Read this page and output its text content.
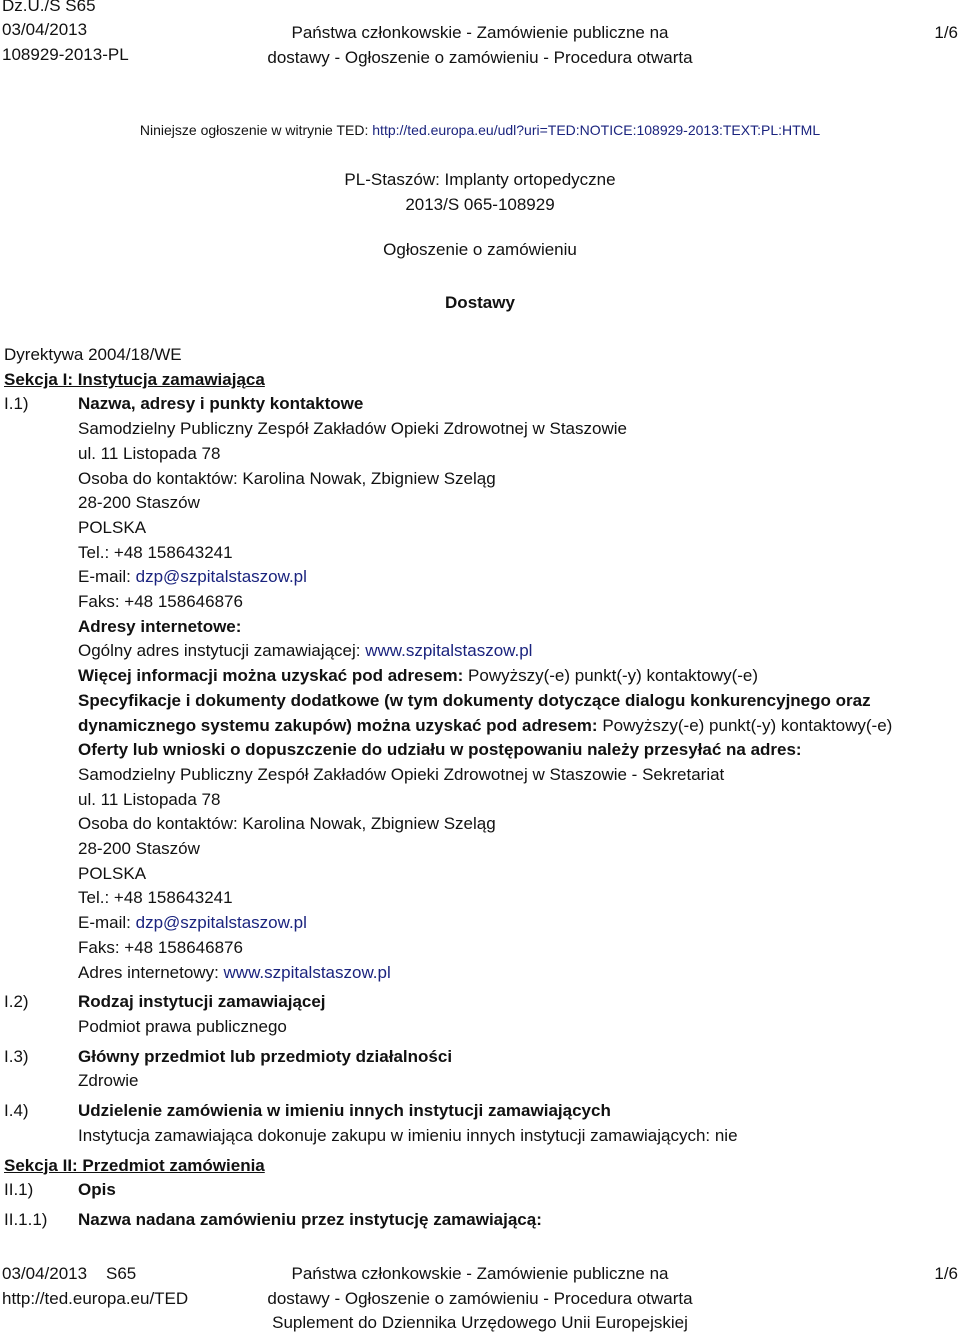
Dz.U./S S65
03/04/2013
108929-2013-PL
Państwa członkowskie - Zamówienie publiczne na
dostawy - Ogłoszenie o zamówieniu - Procedura otwarta
1/6
Niniejsze ogłoszenie w witrynie TED: http://ted.europa.eu/udl?uri=TED:NOTICE:108929-2013:TEXT:PL:HTML
PL-Staszów: Implanty ortopedyczne
2013/S 065-108929
Ogłoszenie o zamówieniu
Dostawy
Dyrektywa 2004/18/WE
Sekcja I: Instytucja zamawiająca
I.1)	Nazwa, adresy i punkty kontaktowe
Samodzielny Publiczny Zespół Zakładów Opieki Zdrowotnej w Staszowie
ul. 11 Listopada 78
Osoba do kontaktów: Karolina Nowak, Zbigniew Szeląg
28-200 Staszów
POLSKA
Tel.: +48 158643241
E-mail: dzp@szpitalstaszow.pl
Faks: +48 158646876
Adresy internetowe:
Ogólny adres instytucji zamawiającej: www.szpitalstaszow.pl
Więcej informacji można uzyskać pod adresem: Powyższy(-e) punkt(-y) kontaktowy(-e)
Specyfikacje i dokumenty dodatkowe (w tym dokumenty dotyczące dialogu konkurencyjnego oraz dynamicznego systemu zakupów) można uzyskać pod adresem: Powyższy(-e) punkt(-y) kontaktowy(-e)
Oferty lub wnioski o dopuszczenie do udziału w postępowaniu należy przesyłać na adres:
Samodzielny Publiczny Zespół Zakładów Opieki Zdrowotnej w Staszowie - Sekretariat
ul. 11 Listopada 78
Osoba do kontaktów: Karolina Nowak, Zbigniew Szeląg
28-200 Staszów
POLSKA
Tel.: +48 158643241
E-mail: dzp@szpitalstaszow.pl
Faks: +48 158646876
Adres internetowy: www.szpitalstaszow.pl
I.2)	Rodzaj instytucji zamawiającej
Podmiot prawa publicznego
I.3)	Główny przedmiot lub przedmioty działalności
Zdrowie
I.4)	Udzielenie zamówienia w imieniu innych instytucji zamawiających
Instytucja zamawiająca dokonuje zakupu w imieniu innych instytucji zamawiających: nie
Sekcja II: Przedmiot zamówienia
II.1)	Opis
II.1.1)	Nazwa nadana zamówieniu przez instytucję zamawiającą:
03/04/2013 S65
http://ted.europa.eu/TED
Państwa członkowskie - Zamówienie publiczne na
dostawy - Ogłoszenie o zamówieniu - Procedura otwarta
Suplement do Dziennika Urzędowego Unii Europejskiej
1/6
